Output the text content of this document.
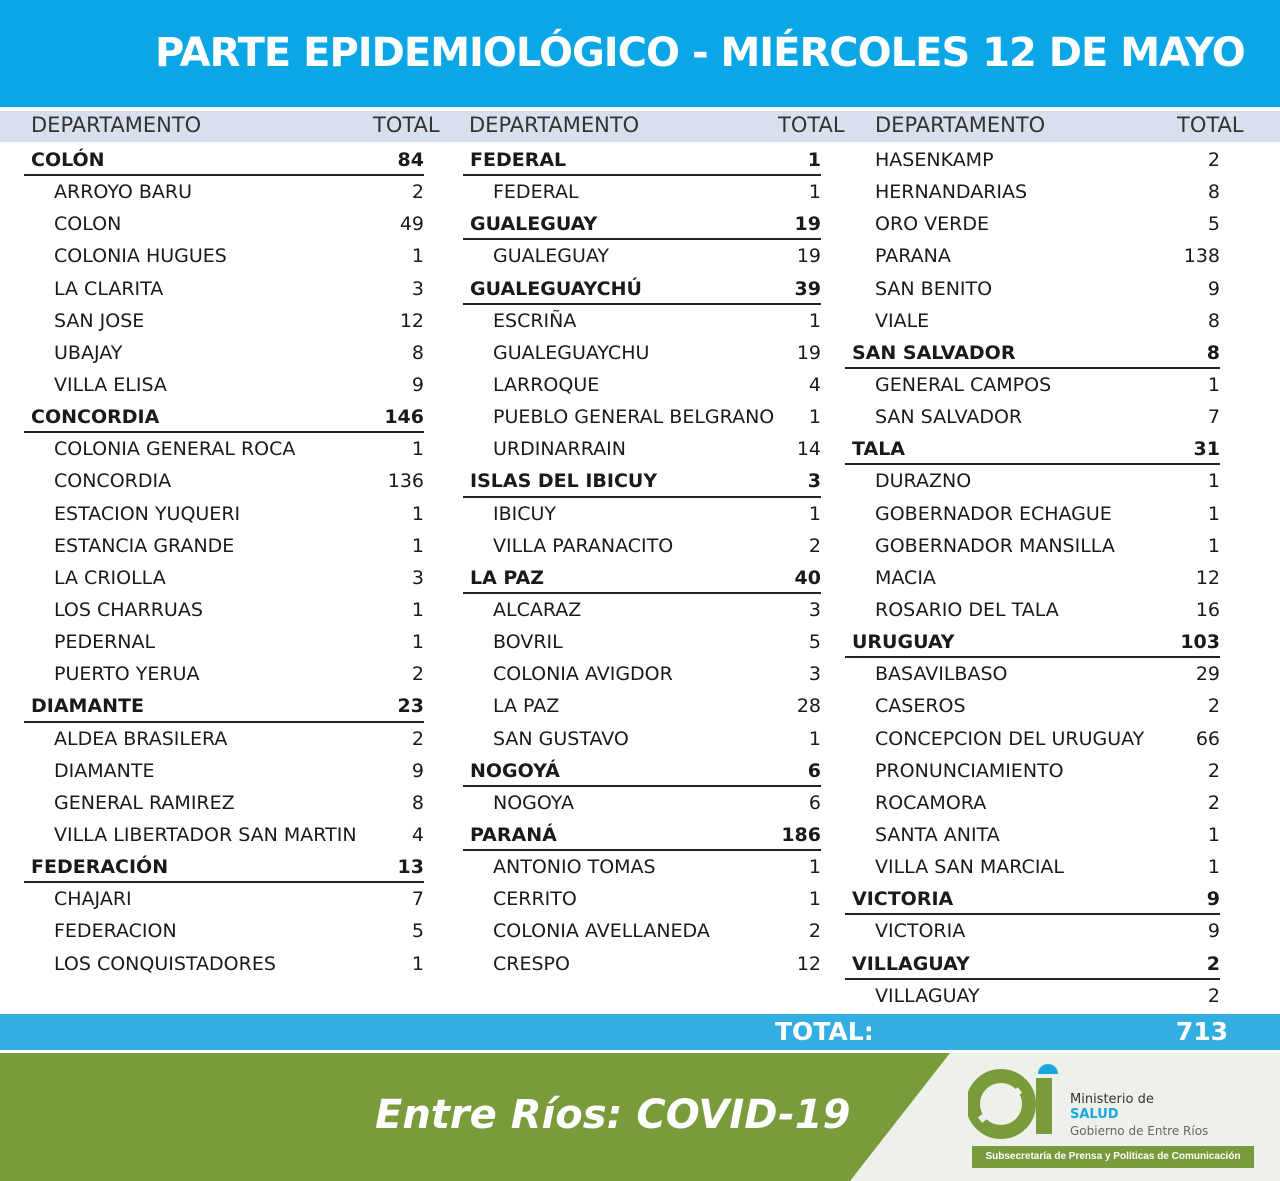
PARTE EPIDEMIOLÓGICO - MIÉRCOLES 12 DE MAYO
DEPARTAMENTO	TOTAL DEPARTAMENTO	TOTAL DEPARTAMENTO	TOTAL
COLÓN	84
ARROYO BARU	2
COLON	49
COLONIA HUGUES	1
LA CLARITA	3
SAN JOSE	12
UBAJAY	8
VILLA ELISA	9
CONCORDIA	146
COLONIA GENERAL ROCA	1
CONCORDIA	136
ESTACION YUQUERI	1
ESTANCIA GRANDE	1
LA CRIOLLA	3
LOS CHARRUAS	1
PEDERNAL	1
PUERTO YERUA	2
DIAMANTE	23
ALDEA BRASILERA	2
DIAMANTE	9
GENERAL RAMIREZ	8
VILLA LIBERTADOR SAN MARTIN	4
FEDERACIÓN	13
CHAJARI	7
FEDERACION	5
LOS CONQUISTADORES	1
FEDERAL	1
FEDERAL	1
GUALEGUAY	19
GUALEGUAY	19
GUALEGUAYCHÚ	39
ESCRIÑA	1
GUALEGUAYCHU	19
LARROQUE	4
PUEBLO GENERAL BELGRANO 1
URDINARRAIN	14
ISLAS DEL IBICUY	3
IBICUY	1
VILLA PARANACITO	2
LA PAZ	40
ALCARAZ	3
BOVRIL	5
COLONIA AVIGDOR	3
LA PAZ	28
SAN GUSTAVO	1
NOGOYÁ	6
NOGOYA	6
PARANÁ	186
ANTONIO TOMAS	1
CERRITO	1
COLONIA AVELLANEDA	2
CRESPO	12
HASENKAMP	2
HERNANDARIAS	8
ORO VERDE	5
PARANA	138
SAN BENITO	9
VIALE	8
SAN SALVADOR	8
GENERAL CAMPOS	1
SAN SALVADOR	7
TALA	31
DURAZNO	1
GOBERNADOR ECHAGUE	1
GOBERNADOR MANSILLA	1
MACIA	12
ROSARIO DEL TALA	16
URUGUAY	103
BASAVILBASO	29
CASEROS	2
CONCEPCION DEL URUGUAY	66
PRONUNCIAMIENTO	2
ROCAMORA	2
SANTA ANITA	1
VILLA SAN MARCIAL	1
VICTORIA	9
VICTORIA	9
VILLAGUAY	2
VILLAGUAY	2
TOTAL:	713
Entre Ríos: COVID-19	Ministerio de
SALUD
Gobierno de Entre Ríos
Subsecretaría de Prensa y Políticas de Comunicación
